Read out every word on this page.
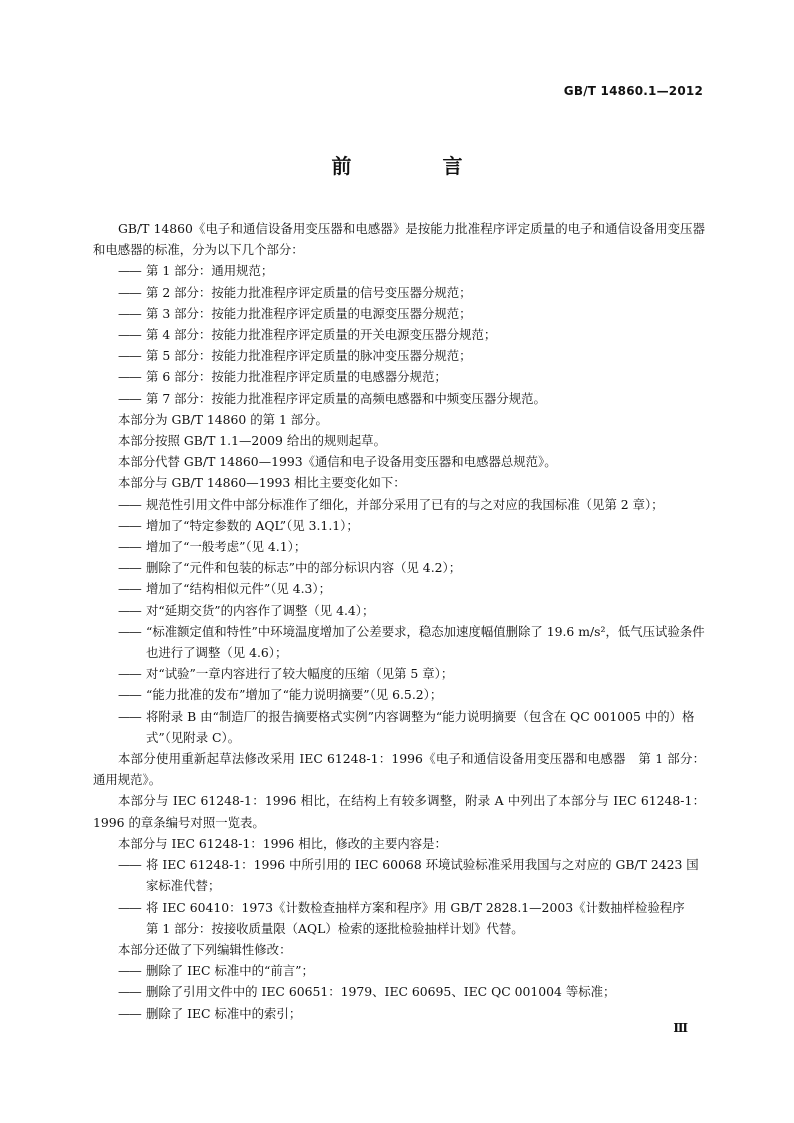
GB/T 14860.1—2012
前 言

GB/T 14860《电子和通信设备用变压器和电感器》是按能力批准程序评定质量的电子和通信设备用变压器和电感器的标准，分为以下几个部分：

—— 第 1 部分：通用规范；

—— 第 2 部分：按能力批准程序评定质量的信号变压器分规范；

—— 第 3 部分：按能力批准程序评定质量的电源变压器分规范；

—— 第 4 部分：按能力批准程序评定质量的开关电源变压器分规范；

—— 第 5 部分：按能力批准程序评定质量的脉冲变压器分规范；

—— 第 6 部分：按能力批准程序评定质量的电感器分规范；

—— 第 7 部分：按能力批准程序评定质量的高频电感器和中频变压器分规范。

本部分为 GB/T 14860 的第 1 部分。

本部分按照 GB/T 1.1—2009 给出的规则起草。

本部分代替 GB/T 14860—1993《通信和电子设备用变压器和电感器总规范》。

本部分与 GB/T 14860—1993 相比主要变化如下：

—— 规范性引用文件中部分标准作了细化，并部分采用了已有的与之对应的我国标准（见第 2 章）；

—— 增加了“特定参数的 AQL”（见 3.1.1）；

—— 增加了“一般考虑”（见 4.1）；

—— 删除了“元件和包装的标志”中的部分标识内容（见 4.2）；

—— 增加了“结构相似元件”（见 4.3）；

—— 对“延期交货”的内容作了调整（见 4.4）；

—— “标准额定值和特性”中环境温度增加了公差要求，稳态加速度幅值删除了 19.6 m/s²，低气压试验条件也进行了调整（见 4.6）；

—— 对“试验”一章内容进行了较大幅度的压缩（见第 5 章）；

—— “能力批准的发布”增加了“能力说明摘要”（见 6.5.2）；

—— 将附录 B 由“制造厂的报告摘要格式实例”内容调整为“能力说明摘要（包含在 QC 001005 中的）格式”（见附录 C）。

本部分使用重新起草法修改采用 IEC 61248-1：1996《电子和通信设备用变压器和电感器　第 1 部分：通用规范》。

本部分与 IEC 61248-1：1996 相比，在结构上有较多调整，附录 A 中列出了本部分与 IEC 61248-1：1996 的章条编号对照一览表。

本部分与 IEC 61248-1：1996 相比，修改的主要内容是：

—— 将 IEC 61248-1：1996 中所引用的 IEC 60068 环境试验标准采用我国与之对应的 GB/T 2423 国家标准代替；

—— 将 IEC 60410：1973《计数检查抽样方案和程序》用 GB/T 2828.1—2003《计数抽样检验程序　第 1 部分：按接收质量限（AQL）检索的逐批检验抽样计划》代替。

本部分还做了下列编辑性修改：

—— 删除了 IEC 标准中的“前言”；

—— 删除了引用文件中的 IEC 60651：1979、IEC 60695、IEC QC 001004 等标准；

—— 删除了 IEC 标准中的索引；

Ⅲ
